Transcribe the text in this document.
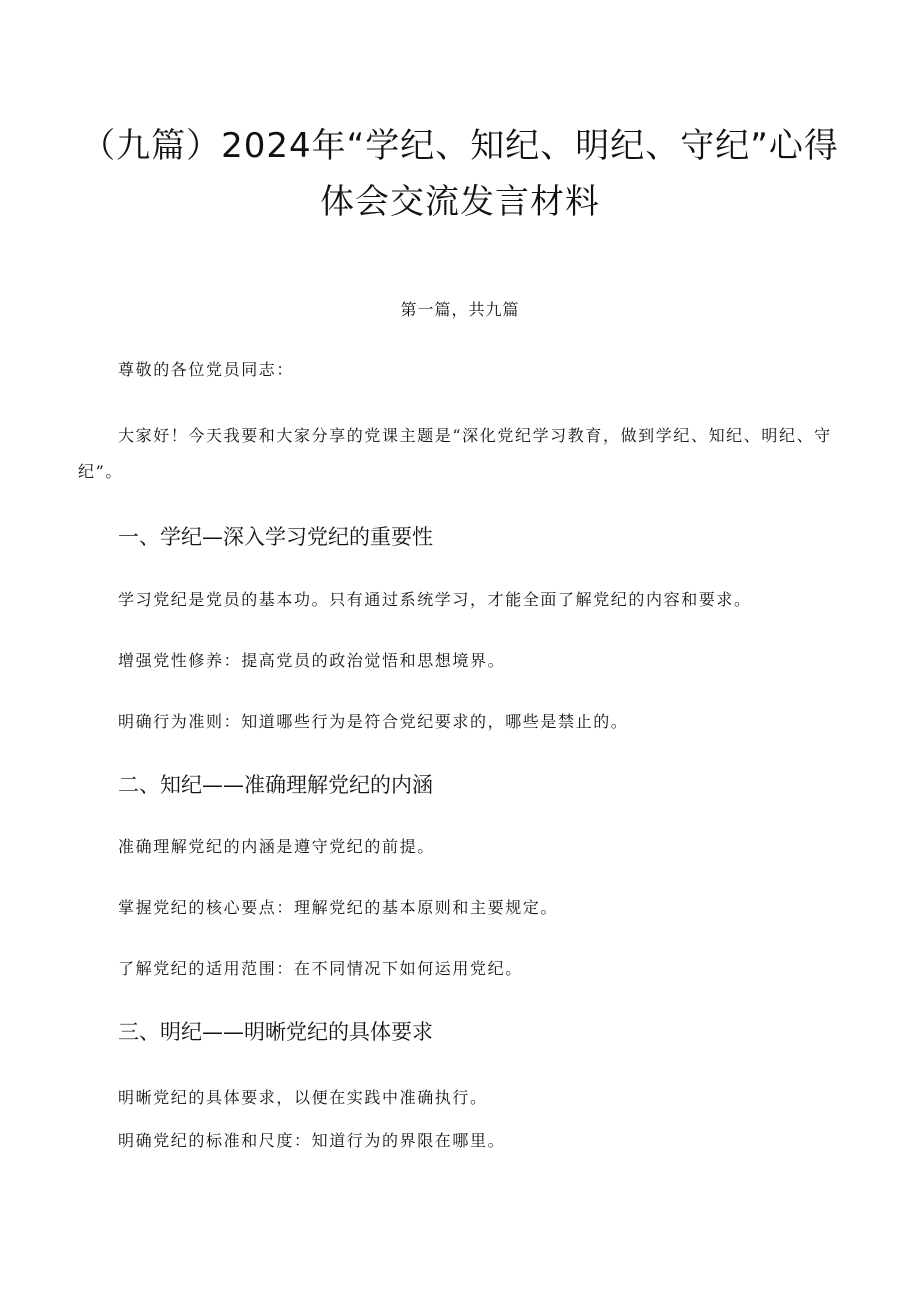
（九篇）2024年“学纪、知纪、明纪、守纪”心得
体会交流发言材料
第一篇，共九篇

尊敬的各位党员同志：

大家好！今天我要和大家分享的党课主题是“深化党纪学习教育，做到学纪、知纪、明纪、守纪”。

一、学纪—深入学习党纪的重要性

学习党纪是党员的基本功。只有通过系统学习，才能全面了解党纪的内容和要求。

增强党性修养：提高党员的政治觉悟和思想境界。

明确行为准则：知道哪些行为是符合党纪要求的，哪些是禁止的。

二、知纪——准确理解党纪的内涵

准确理解党纪的内涵是遵守党纪的前提。

掌握党纪的核心要点：理解党纪的基本原则和主要规定。

了解党纪的适用范围：在不同情况下如何运用党纪。

三、明纪——明晰党纪的具体要求

明晰党纪的具体要求，以便在实践中准确执行。

明确党纪的标准和尺度：知道行为的界限在哪里。
